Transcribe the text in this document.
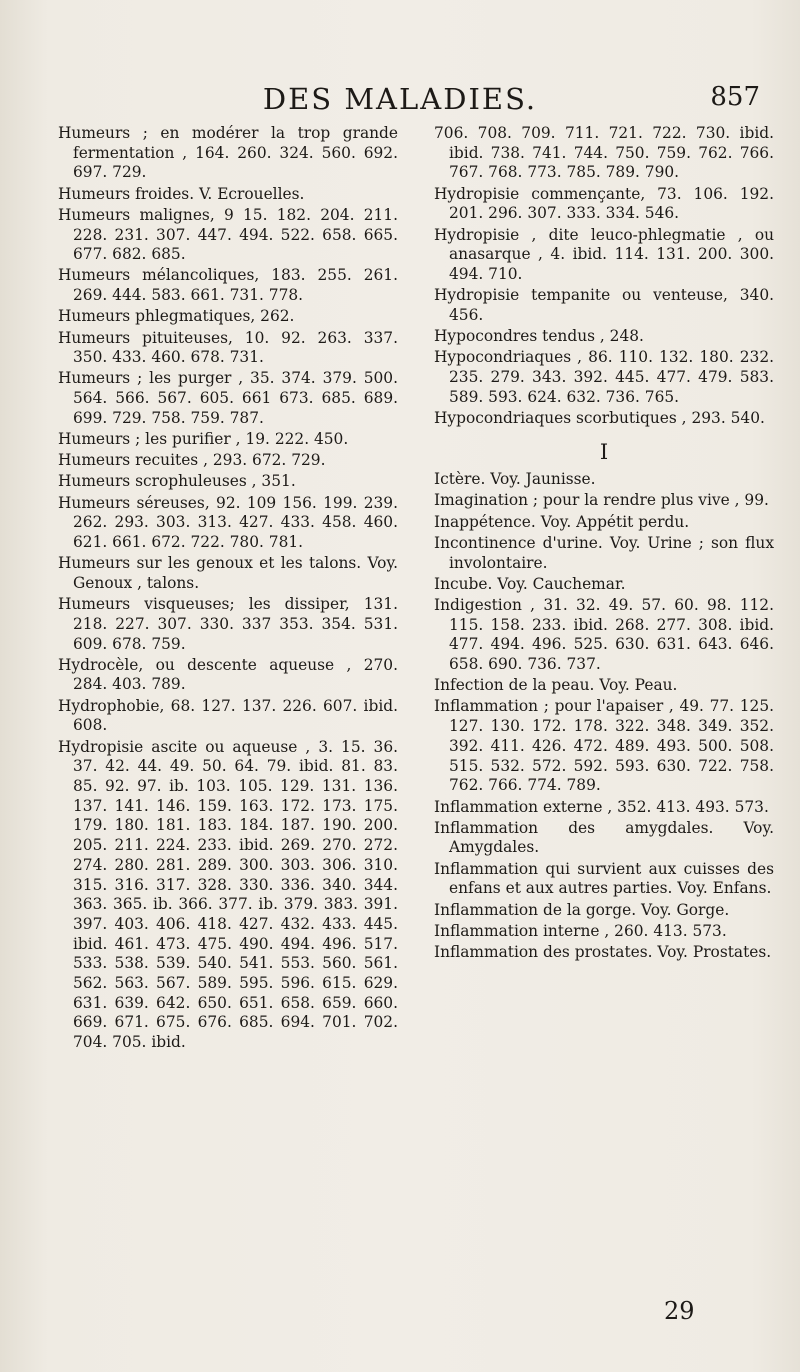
DES MALADIES.	857

Humeurs ; en modérer la trop grande fermentation , 164. 260. 324. 560. 692. 697. 729.

Humeurs froides. V. Ecrouelles.

Humeurs malignes, 9 15. 182. 204. 211. 228. 231. 307. 447. 494. 522. 658. 665. 677. 682. 685.

Humeurs mélancoliques, 183. 255. 261. 269. 444. 583. 661. 731. 778.

Humeurs phlegmatiques, 262.

Humeurs pituiteuses, 10. 92. 263. 337. 350. 433. 460. 678. 731.

Humeurs ; les purger , 35. 374. 379. 500. 564. 566. 567. 605. 661 673. 685. 689. 699. 729. 758. 759. 787.

Humeurs ; les purifier , 19. 222. 450.

Humeurs recuites , 293. 672. 729.

Humeurs scrophuleuses , 351.

Humeurs séreuses, 92. 109 156. 199. 239. 262. 293. 303. 313. 427. 433. 458. 460. 621. 661. 672. 722. 780. 781.

Humeurs sur les genoux et les talons. Voy. Genoux , talons.

Humeurs visqueuses; les dissiper, 131. 218. 227. 307. 330. 337 353. 354. 531. 609. 678. 759.

Hydrocèle, ou descente aqueuse , 270. 284. 403. 789.

Hydrophobie, 68. 127. 137. 226. 607. ibid. 608.

Hydropisie ascite ou aqueuse , 3. 15. 36. 37. 42. 44. 49. 50. 64. 79. ibid. 81. 83. 85. 92. 97. ib. 103. 105. 129. 131. 136. 137. 141. 146. 159. 163. 172. 173. 175. 179. 180. 181. 183. 184. 187. 190. 200. 205. 211. 224. 233. ibid. 269. 270. 272. 274. 280. 281. 289. 300. 303. 306. 310. 315. 316. 317. 328. 330. 336. 340. 344. 363. 365. ib. 366. 377. ib. 379. 383. 391. 397. 403. 406. 418. 427. 432. 433. 445. ibid. 461. 473. 475. 490. 494. 496. 517. 533. 538. 539. 540. 541. 553. 560. 561. 562. 563. 567. 589. 595. 596. 615. 629. 631. 639. 642. 650. 651. 658. 659. 660. 669. 671. 675. 676. 685. 694. 701. 702. 704. 705. ibid.

706. 708. 709. 711. 721. 722. 730. ibid. ibid. 738. 741. 744. 750. 759. 762. 766. 767. 768. 773. 785. 789. 790.

Hydropisie commençante, 73. 106. 192. 201. 296. 307. 333. 334. 546.

Hydropisie , dite leuco-phlegmatie , ou anasarque , 4. ibid. 114. 131. 200. 300. 494. 710.

Hydropisie tempanite ou venteuse, 340. 456.

Hypocondres tendus , 248.

Hypocondriaques , 86. 110. 132. 180. 232. 235. 279. 343. 392. 445. 477. 479. 583. 589. 593. 624. 632. 736. 765.

Hypocondriaques scorbutiques , 293. 540.

I

Ictère. Voy. Jaunisse.

Imagination ; pour la rendre plus vive , 99.

Inappétence. Voy. Appétit perdu.

Incontinence d'urine. Voy. Urine ; son flux involontaire.

Incube. Voy. Cauchemar.

Indigestion , 31. 32. 49. 57. 60. 98. 112. 115. 158. 233. ibid. 268. 277. 308. ibid. 477. 494. 496. 525. 630. 631. 643. 646. 658. 690. 736. 737.

Infection de la peau. Voy. Peau.

Inflammation ; pour l'apaiser , 49. 77. 125. 127. 130. 172. 178. 322. 348. 349. 352. 392. 411. 426. 472. 489. 493. 500. 508. 515. 532. 572. 592. 593. 630. 722. 758. 762. 766. 774. 789.

Inflammation externe , 352. 413. 493. 573.

Inflammation des amygdales. Voy. Amygdales.

Inflammation qui survient aux cuisses des enfans et aux autres parties. Voy. Enfans.

Inflammation de la gorge. Voy. Gorge.

Inflammation interne , 260. 413. 573.

Inflammation des prostates. Voy. Prostates.

29
